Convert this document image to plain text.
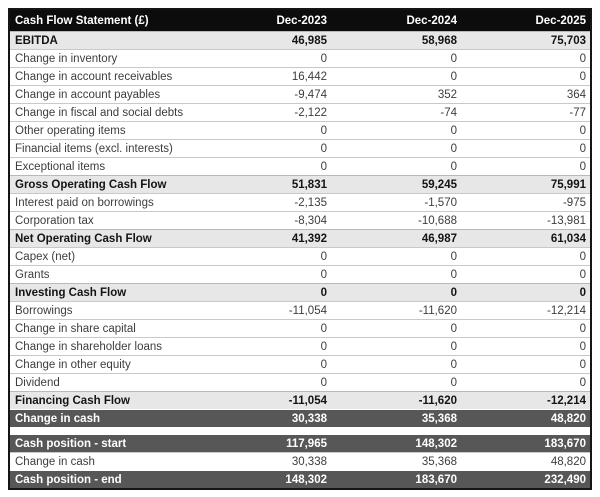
Cash Flow Statement (£)	Dec-2023	Dec-2024	Dec-2025
EBITDA	46,985	58,968	75,703
Change in inventory	0	0	0
Change in account receivables	16,442	0	0
Change in account payables	-9,474	352	364
Change in fiscal and social debts	-2,122	-74	-77
Other operating items	0	0	0
Financial items (excl. interests)	0	0	0
Exceptional items	0	0	0
Gross Operating Cash Flow	51,831	59,245	75,991
Interest paid on borrowings	-2,135	-1,570	-975
Corporation tax	-8,304	-10,688	-13,981
Net Operating Cash Flow	41,392	46,987	61,034
Capex (net)	0	0	0
Grants	0	0	0
Investing Cash Flow	0	0	0
Borrowings	-11,054	-11,620	-12,214
Change in share capital	0	0	0
Change in shareholder loans	0	0	0
Change in other equity	0	0	0
Dividend	0	0	0
Financing Cash Flow	-11,054	-11,620	-12,214
Change in cash	30,338	35,368	48,820

Cash position - start	117,965	148,302	183,670
Change in cash	30,338	35,368	48,820
Cash position - end	148,302	183,670	232,490
